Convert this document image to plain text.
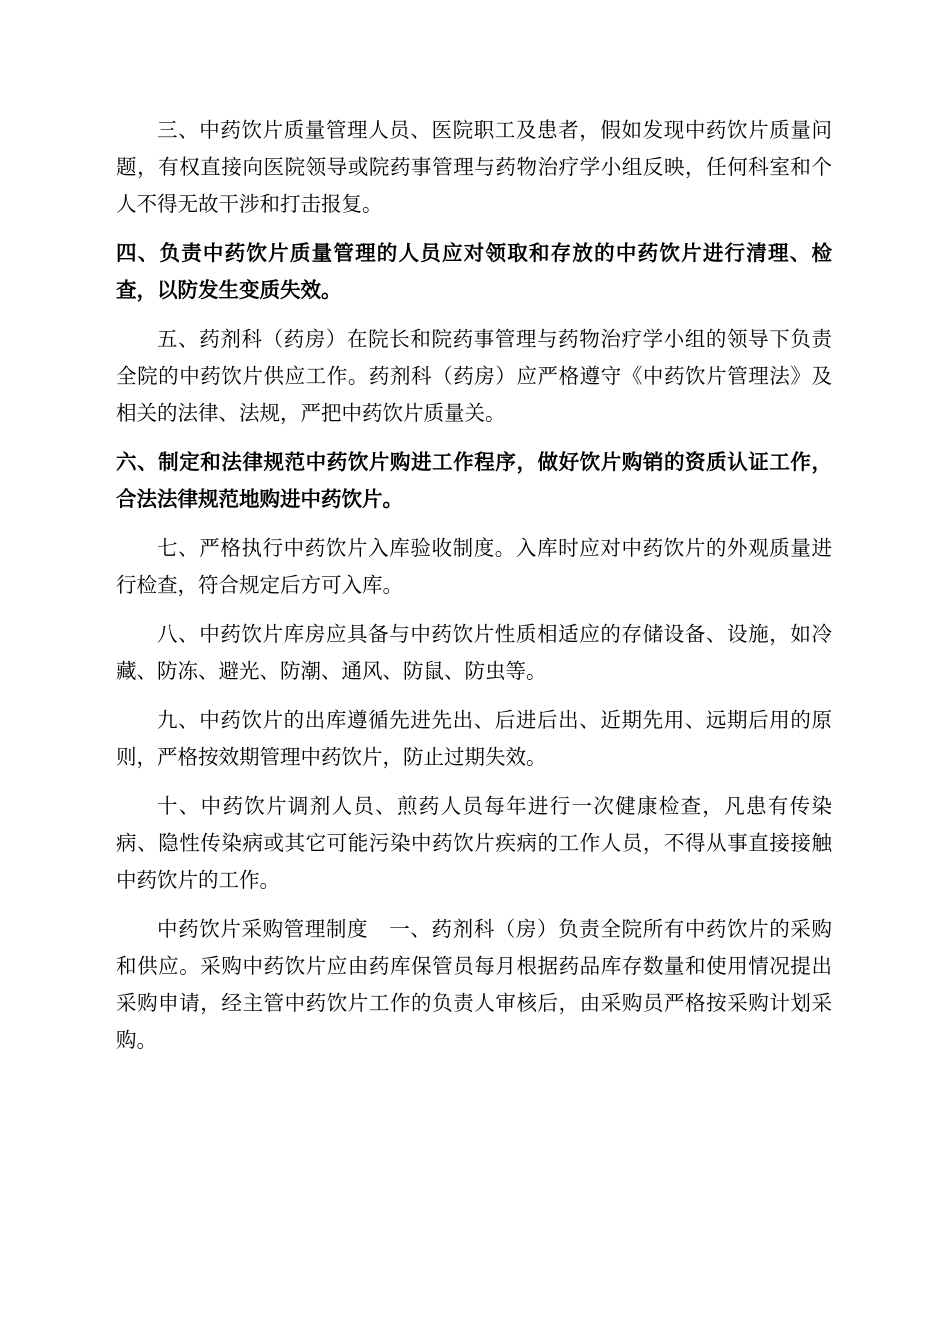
三、中药饮片质量管理人员、医院职工及患者，假如发现中药饮片质量问题，有权直接向医院领导或院药事管理与药物治疗学小组反映，任何科室和个人不得无故干涉和打击报复。

四、负责中药饮片质量管理的人员应对领取和存放的中药饮片进行清理、检查，以防发生变质失效。

五、药剂科（药房）在院长和院药事管理与药物治疗学小组的领导下负责全院的中药饮片供应工作。药剂科（药房）应严格遵守《中药饮片管理法》及相关的法律、法规，严把中药饮片质量关。

六、制定和法律规范中药饮片购进工作程序，做好饮片购销的资质认证工作，合法法律规范地购进中药饮片。

七、严格执行中药饮片入库验收制度。入库时应对中药饮片的外观质量进行检查，符合规定后方可入库。

八、中药饮片库房应具备与中药饮片性质相适应的存储设备、设施，如冷藏、防冻、避光、防潮、通风、防鼠、防虫等。

九、中药饮片的出库遵循先进先出、后进后出、近期先用、远期后用的原则，严格按效期管理中药饮片，防止过期失效。

十、中药饮片调剂人员、煎药人员每年进行一次健康检查，凡患有传染病、隐性传染病或其它可能污染中药饮片疾病的工作人员，不得从事直接接触中药饮片的工作。

中药饮片采购管理制度　一、药剂科（房）负责全院所有中药饮片的采购和供应。采购中药饮片应由药库保管员每月根据药品库存数量和使用情况提出采购申请，经主管中药饮片工作的负责人审核后，由采购员严格按采购计划采购。
